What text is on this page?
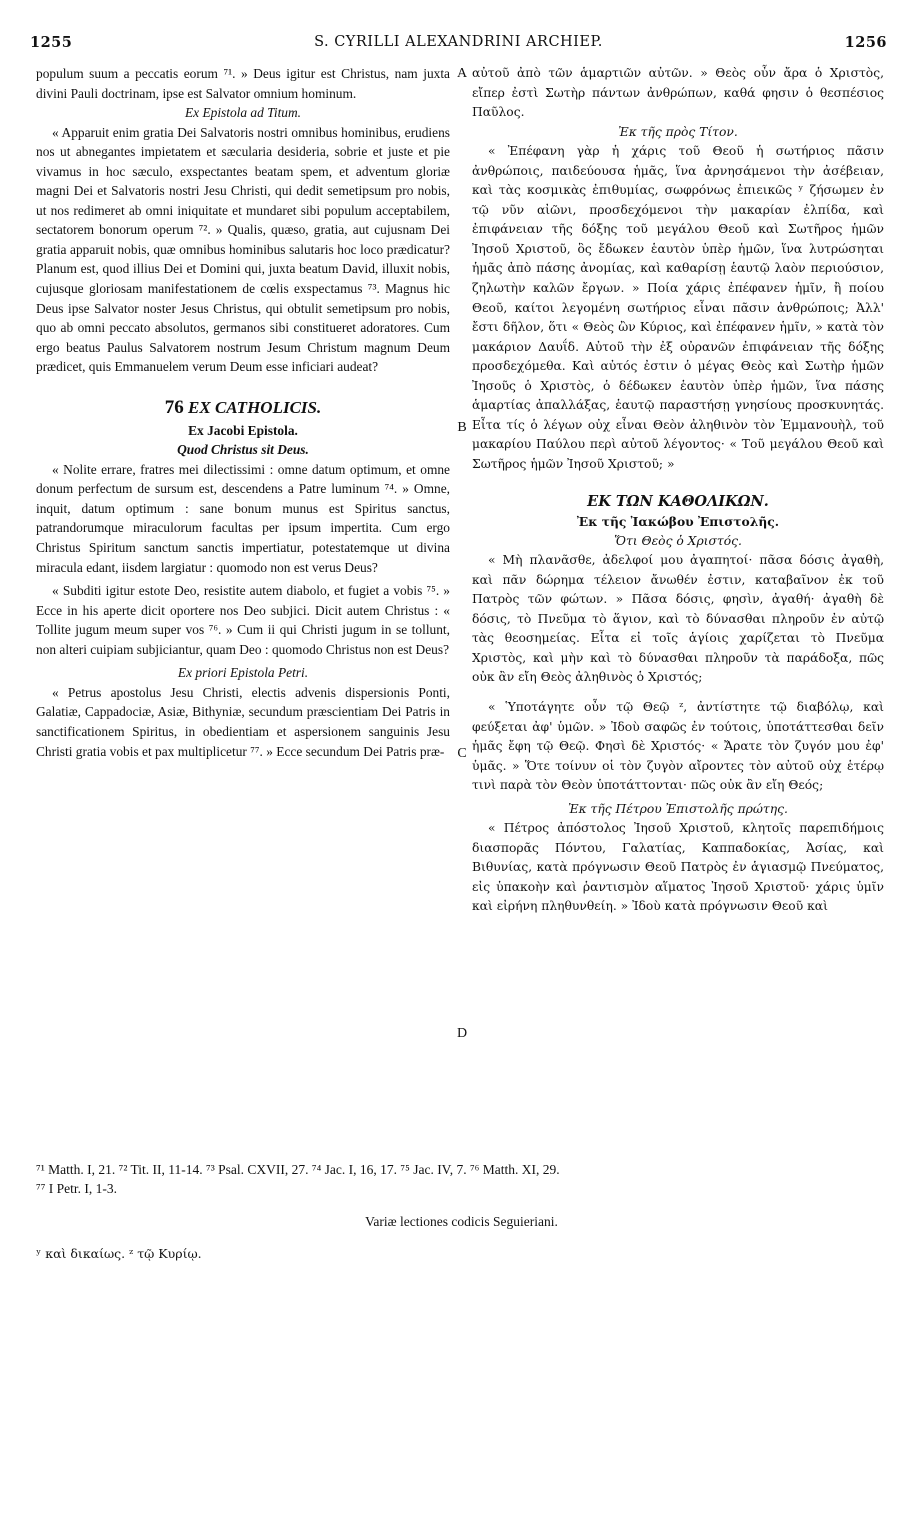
1255	S. CYRILLI ALEXANDRINI ARCHIEP.	1256

populum suum a peccatis eorum ⁷¹. » Deus igitur est Christus, nam juxta divini Pauli doctrinam, ipse est Salvator omnium hominum.

Ex Epistola ad Titum.

« Apparuit enim gratia Dei Salvatoris nostri omnibus hominibus, erudiens nos ut abnegantes impietatem et sæcularia desideria, sobrie et juste et pie vivamus in hoc sæculo, exspectantes beatam spem, et adventum gloriæ magni Dei et Salvatoris nostri Jesu Christi, qui dedit semetipsum pro nobis, ut nos redimeret ab omni iniquitate et mundaret sibi populum acceptabilem, sectatorem bonorum operum ⁷². » Qualis, quæso, gratia, aut cujusnam Dei gratia apparuit nobis, quæ omnibus hominibus salutaris hoc loco prædicatur? Planum est, quod illius Dei et Domini qui, juxta beatum David, illuxit nobis, cujusque gloriosam manifestationem de cœlis exspectamus ⁷³. Magnus hic Deus ipse Salvator noster Jesus Christus, qui obtulit semetipsum pro nobis, quo ab omni peccato absolutos, germanos sibi constitueret adoratores. Cum ergo beatus Paulus Salvatorem nostrum Jesum Christum magnum Deum prædicet, quis Emmanuelem verum Deum esse inficiari audeat?

76 EX CATHOLICIS.

Ex Jacobi Epistola.

Quod Christus sit Deus.

« Nolite errare, fratres mei dilectissimi : omne datum optimum, et omne donum perfectum de sursum est, descendens a Patre luminum ⁷⁴. » Omne, inquit, datum optimum : sane bonum munus est Spiritus sanctus, patrandorumque miraculorum facultas per ipsum impertita. Cum ergo Christus Spiritum sanctum sanctis impertiatur, potestatemque ut divina miracula edant, iisdem largiatur : quomodo non est verus Deus?

« Subditi igitur estote Deo, resistite autem diabolo, et fugiet a vobis ⁷⁵. » Ecce in his aperte dicit oportere nos Deo subjici. Dicit autem Christus : « Tollite jugum meum super vos ⁷⁶. » Cum ii qui Christi jugum in se tollunt, non alteri cuipiam subjiciantur, quam Deo : quomodo Christus non est Deus?

Ex priori Epistola Petri.

« Petrus apostolus Jesu Christi, electis advenis dispersionis Ponti, Galatiæ, Cappadociæ, Asiæ, Bithyniæ, secundum præscientiam Dei Patris in sanctificationem Spiritus, in obedientiam et aspersionem sanguinis Jesu Christi gratia vobis et pax multiplicetur ⁷⁷. » Ecce secundum Dei Patris præ-

αὐτοῦ ἀπὸ τῶν ἁμαρτιῶν αὐτῶν. » Θεὸς οὖν ἄρα ὁ Χριστὸς, εἴπερ ἐστὶ Σωτὴρ πάντων ἀνθρώπων, καθά φησιν ὁ θεσπέσιος Παῦλος.

Ἐκ τῆς πρὸς Τίτον.

« Ἐπέφανη γὰρ ἡ χάρις τοῦ Θεοῦ ἡ σωτήριος πᾶσιν ἀνθρώποις, παιδεύουσα ἡμᾶς, ἵνα ἀρνησάμενοι τὴν ἀσέβειαν, καὶ τὰς κοσμικὰς ἐπιθυμίας, σωφρόνως ἐπιεικῶς ʸ ζήσωμεν ἐν τῷ νῦν αἰῶνι, προσδεχόμενοι τὴν μακαρίαν ἐλπίδα, καὶ ἐπιφάνειαν τῆς δόξης τοῦ μεγάλου Θεοῦ καὶ Σωτῆρος ἡμῶν Ἰησοῦ Χριστοῦ, ὃς ἔδωκεν ἑαυτὸν ὑπὲρ ἡμῶν, ἵνα λυτρώσηται ἡμᾶς ἀπὸ πάσης ἀνομίας, καὶ καθαρίσῃ ἑαυτῷ λαὸν περιούσιον, ζηλωτὴν καλῶν ἔργων. » Ποία χάρις ἐπέφανεν ἡμῖν, ἢ ποίου Θεοῦ, καίτοι λεγομένη σωτήριος εἶναι πᾶσιν ἀνθρώποις; Ἀλλ' ἔστι δῆλον, ὅτι « Θεὸς ὢν Κύριος, καὶ ἐπέφανεν ἡμῖν, » κατὰ τὸν μακάριον Δαυΐδ. Αὐτοῦ τὴν ἐξ οὐρανῶν ἐπιφάνειαν τῆς δόξης προσδεχόμεθα. Καὶ αὐτός ἐστιν ὁ μέγας Θεὸς καὶ Σωτὴρ ἡμῶν Ἰησοῦς ὁ Χριστὸς, ὁ δέδωκεν ἑαυτὸν ὑπὲρ ἡμῶν, ἵνα πάσης ἁμαρτίας ἀπαλλάξας, ἑαυτῷ παραστήσῃ γνησίους προσκυνητάς. Εἶτα τίς ὁ λέγων οὐχ εἶναι Θεὸν ἀληθινὸν τὸν Ἐμμανουὴλ, τοῦ μακαρίου Παύλου περὶ αὐτοῦ λέγοντος· « Τοῦ μεγάλου Θεοῦ καὶ Σωτῆρος ἡμῶν Ἰησοῦ Χριστοῦ; »

ΕΚ ΤΩΝ ΚΑΘΟΛΙΚΩΝ.

Ἐκ τῆς Ἰακώβου Ἐπιστολῆς.

Ὅτι Θεὸς ὁ Χριστός.

« Μὴ πλανᾶσθε, ἀδελφοί μου ἀγαπητοί· πᾶσα δόσις ἀγαθὴ, καὶ πᾶν δώρημα τέλειον ἄνωθέν ἐστιν, καταβαῖνον ἐκ τοῦ Πατρὸς τῶν φώτων. » Πᾶσα δόσις, φησὶν, ἀγαθή· ἀγαθὴ δὲ δόσις, τὸ Πνεῦμα τὸ ἅγιον, καὶ τὸ δύνασθαι πληροῦν ἐν αὐτῷ τὰς θεοσημείας. Εἶτα εἰ τοῖς ἁγίοις χαρίζεται τὸ Πνεῦμα Χριστὸς, καὶ μὴν καὶ τὸ δύνασθαι πληροῦν τὰ παράδοξα, πῶς οὐκ ἂν εἴη Θεὸς ἀληθινὸς ὁ Χριστός;

« Ὑποτάγητε οὖν τῷ Θεῷ ᶻ, ἀντίστητε τῷ διαβόλῳ, καὶ φεύξεται ἀφ' ὑμῶν. » Ἰδοὺ σαφῶς ἐν τούτοις, ὑποτάττεσθαι δεῖν ἡμᾶς ἔφη τῷ Θεῷ. Φησὶ δὲ Χριστός· « Ἄρατε τὸν ζυγόν μου ἐφ' ὑμᾶς. » Ὅτε τοίνυν οἱ τὸν ζυγὸν αἴροντες τὸν αὐτοῦ οὐχ ἑτέρῳ τινὶ παρὰ τὸν Θεὸν ὑποτάττονται· πῶς οὐκ ἂν εἴη Θεός;

Ἐκ τῆς Πέτρου Ἐπιστολῆς πρώτης.

« Πέτρος ἀπόστολος Ἰησοῦ Χριστοῦ, κλητοῖς παρεπιδήμοις διασπορᾶς Πόντου, Γαλατίας, Καππαδοκίας, Ἀσίας, καὶ Βιθυνίας, κατὰ πρόγνωσιν Θεοῦ Πατρὸς ἐν ἁγιασμῷ Πνεύματος, εἰς ὑπακοὴν καὶ ῥαντισμὸν αἵματος Ἰησοῦ Χριστοῦ· χάρις ὑμῖν καὶ εἰρήνη πληθυνθείη. » Ἰδοὺ κατὰ πρόγνωσιν Θεοῦ καὶ

A
B
C
D
⁷¹ Matth. I, 21. ⁷² Tit. II, 11-14. ⁷³ Psal. CXVII, 27. ⁷⁴ Jac. I, 16, 17. ⁷⁵ Jac. IV, 7. ⁷⁶ Matth. XI, 29.
⁷⁷ I Petr. I, 1-3.
Variæ lectiones codicis Seguieriani.
ʸ καὶ δικαίως. ᶻ τῷ Κυρίῳ.
